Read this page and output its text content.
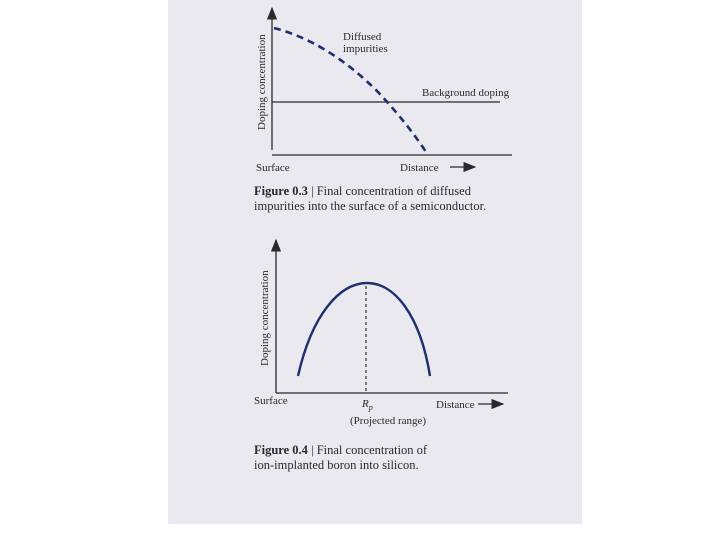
Doping concentration	Diffused
impurities
Background doping
Surface	Distance
Doping concentration
Surface	$R_p$
(Projected range)
Distance
Figure 0.3 | Final concentration of diffused
impurities into the surface of a semiconductor.
Figure 0.4 | Final concentration of
ion-implanted boron into silicon.
